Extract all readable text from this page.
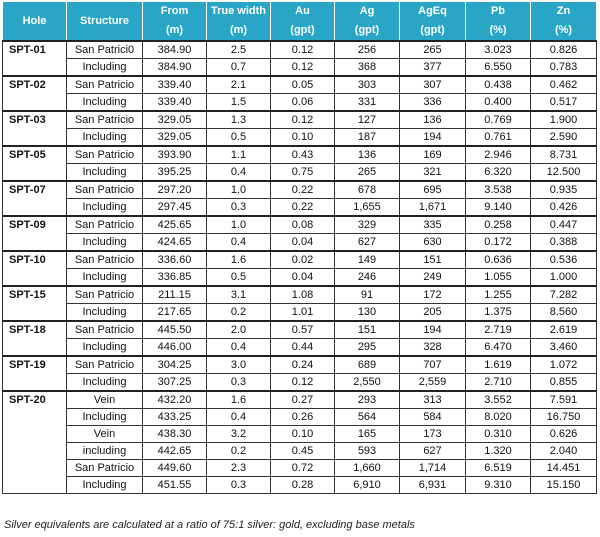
Hole	Structure	From	True width	Au	Ag	AgEq	Pb	Zn
		(m)	(m)	(gpt)	(gpt)	(gpt)	(%)	(%)
SPT-01	San Patrici0	384.90	2.5	0.12	256	265	3.023	0.826
	Including	384.90	0.7	0.12	368	377	6.550	0.783
SPT-02	San Patricio	339.40	2.1	0.05	303	307	0.438	0.462
	Including	339.40	1.5	0.06	331	336	0.400	0.517
SPT-03	San Patricio	329.05	1.3	0.12	127	136	0.769	1.900
	Including	329.05	0.5	0.10	187	194	0.761	2.590
SPT-05	San Patricio	393.90	1.1	0.43	136	169	2.946	8.731
	Including	395.25	0.4	0.75	265	321	6.320	12.500
SPT-07	San Patricio	297.20	1.0	0.22	678	695	3.538	0.935
	Including	297.45	0.3	0.22	1,655	1,671	9.140	0.426
SPT-09	San Patricio	425.65	1.0	0.08	329	335	0.258	0.447
	Including	424.65	0.4	0.04	627	630	0.172	0.388
SPT-10	San Patricio	336.60	1.6	0.02	149	151	0.636	0.536
	Including	336.85	0.5	0.04	246	249	1.055	1.000
SPT-15	San Patricio	211.15	3.1	1.08	91	172	1.255	7.282
	Including	217.65	0.2	1.01	130	205	1.375	8.560
SPT-18	San Patricio	445.50	2.0	0.57	151	194	2.719	2.619
	Including	446.00	0.4	0.44	295	328	6.470	3.460
SPT-19	San Patricio	304.25	3.0	0.24	689	707	1.619	1.072
	Including	307.25	0.3	0.12	2,550	2,559	2.710	0.855
SPT-20	Vein	432.20	1.6	0.27	293	313	3.552	7.591
	Including	433.25	0.4	0.26	564	584	8.020	16.750
	Vein	438.30	3.2	0.10	165	173	0.310	0.626
	including	442.65	0.2	0.45	593	627	1.320	2.040
	San Patricio	449.60	2.3	0.72	1,660	1,714	6.519	14.451
	Including	451.55	0.3	0.28	6,910	6,931	9.310	15.150
Silver equivalents are calculated at a ratio of 75:1 silver: gold, excluding base metals
